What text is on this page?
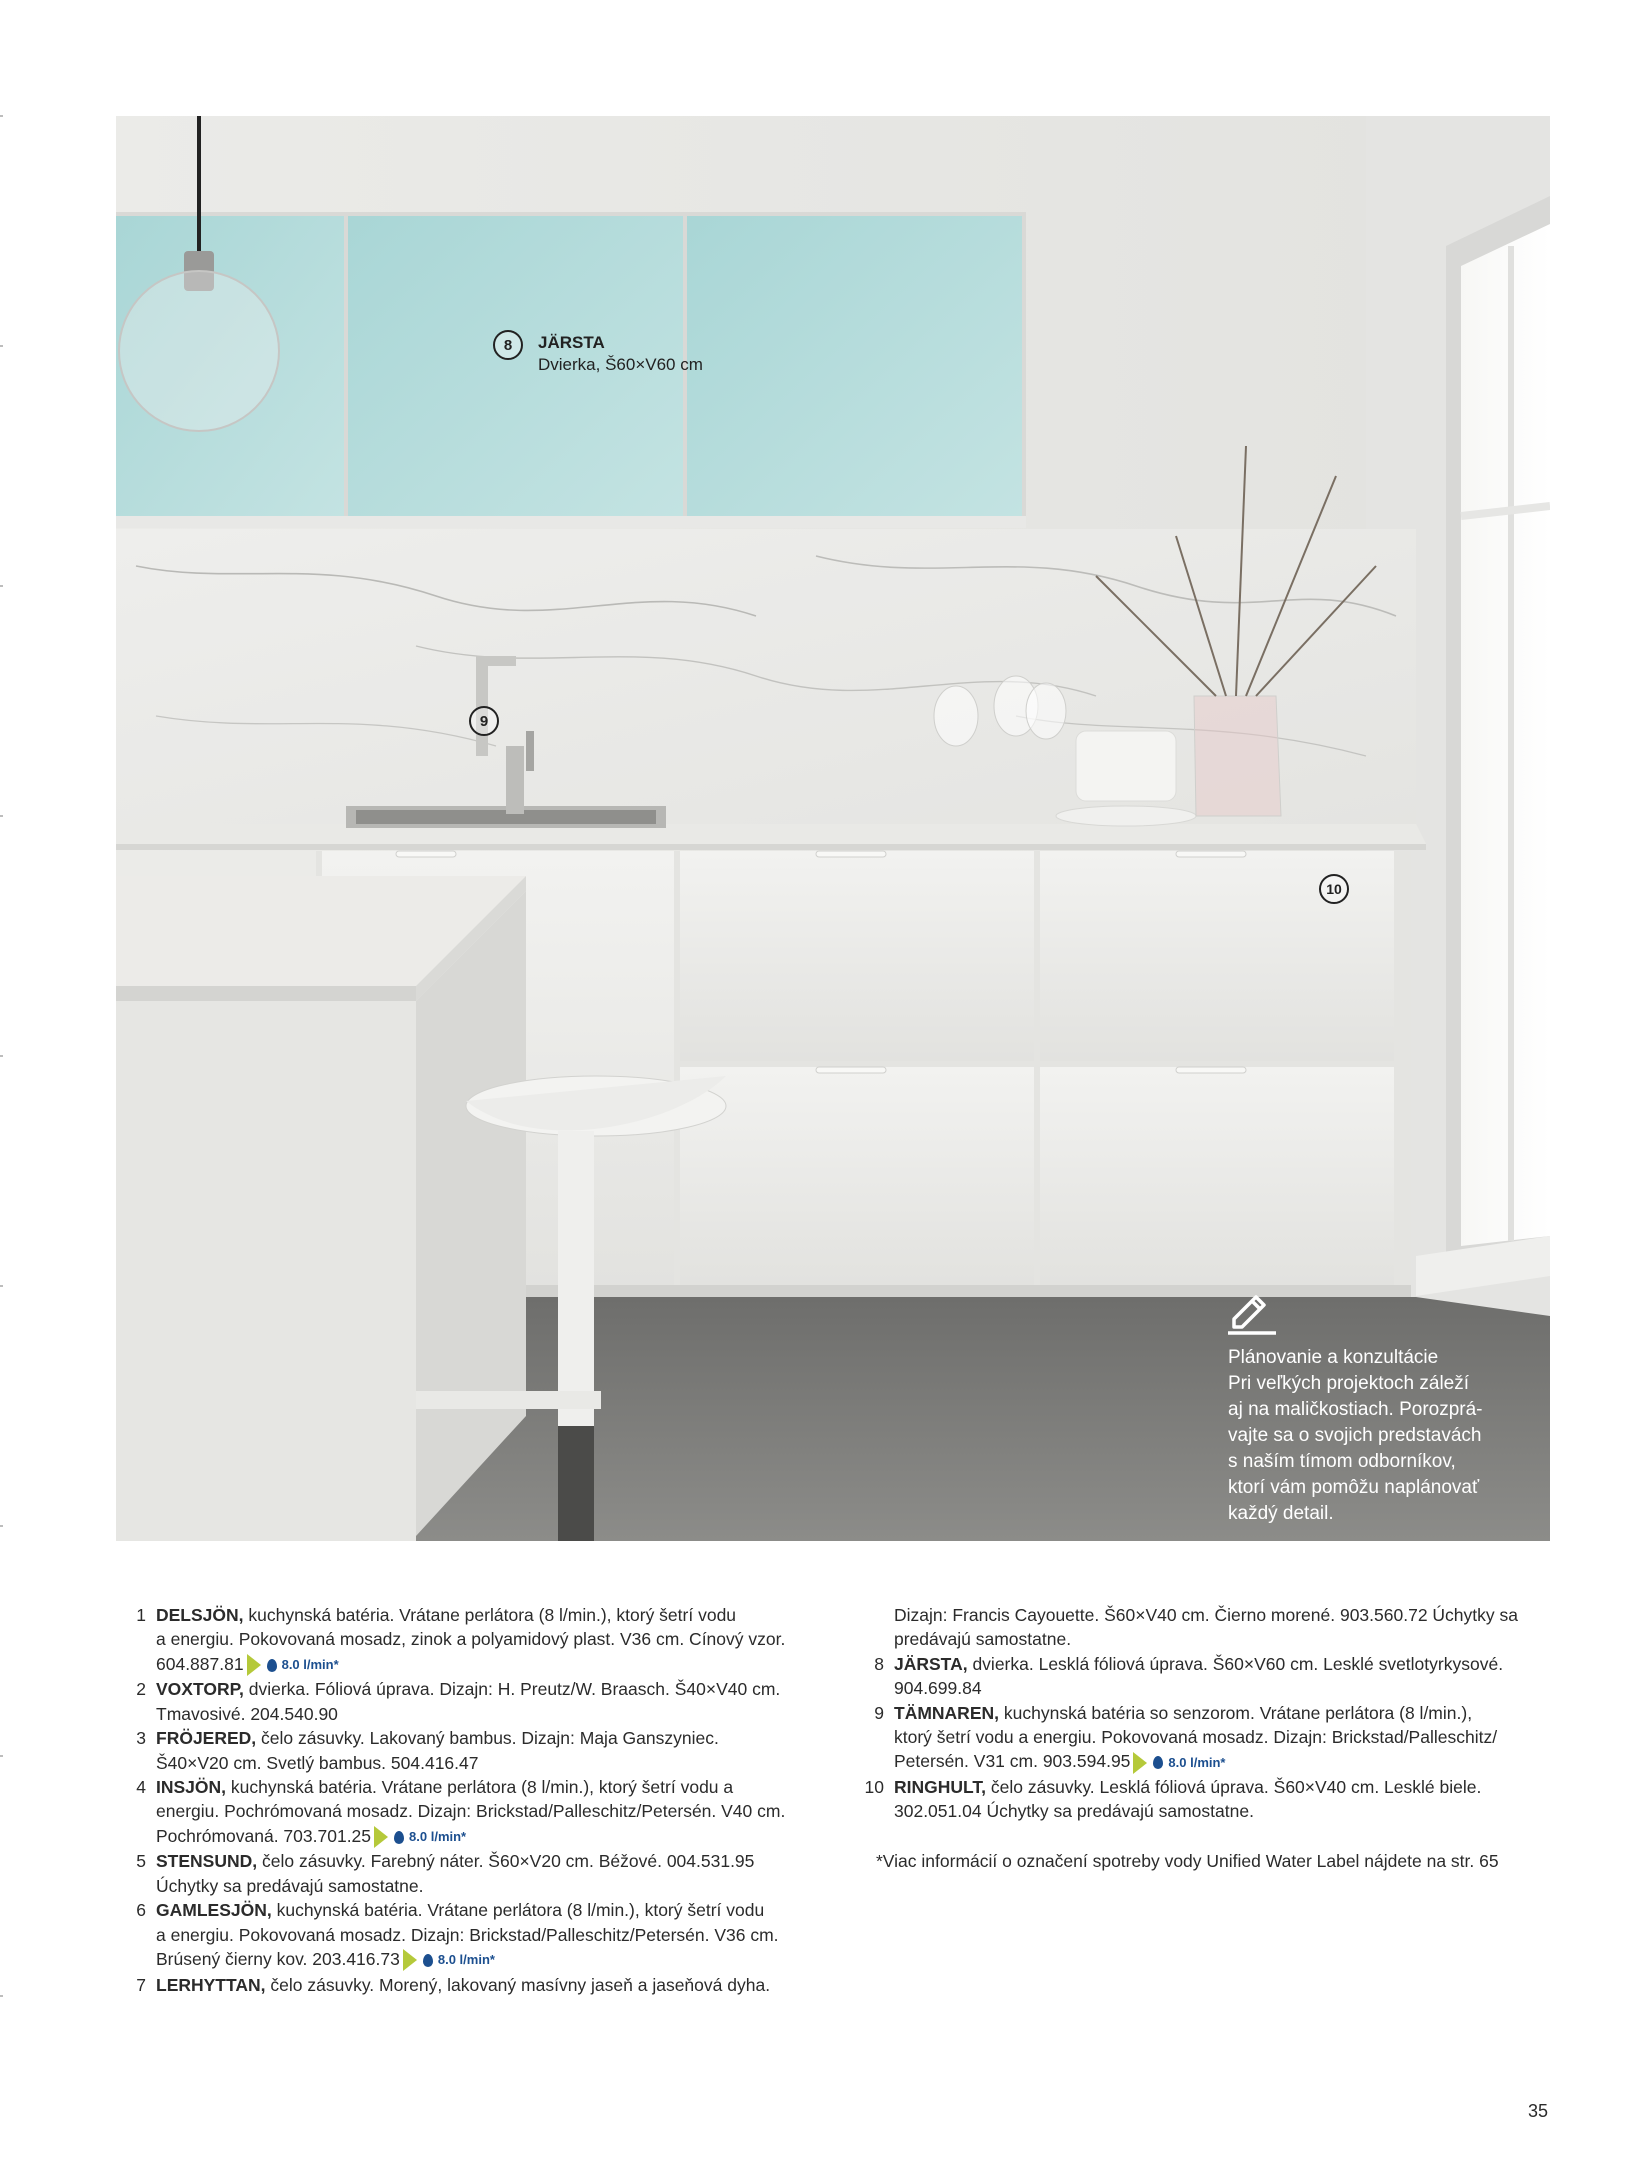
8	JÄRSTA
Dvierka, Š60×V60 cm
9
10
Plánovanie a konzultácie
Pri veľkých projektoch záleží
aj na maličkostiach. Porozprá-
vajte sa o svojich predstavách
s naším tímom odborníkov,
ktorí vám pomôžu naplánovať
každý detail.
1 DELSJÖN, kuchynská batéria. Vrátane perlátora (8 l/min.), ktorý šetrí vodu
a energiu. Pokovovaná mosadz, zinok a polyamidový plast. V36 cm. Cínový vzor.
604.887.81	8.0 l/min*
2 VOXTORP, dvierka. Fóliová úprava. Dizajn: H. Preutz/W. Braasch. Š40×V40 cm.
Tmavosivé. 204.540.90
3 FRÖJERED, čelo zásuvky. Lakovaný bambus. Dizajn: Maja Ganszyniec.
Š40×V20 cm. Svetlý bambus. 504.416.47
4 INSJÖN, kuchynská batéria. Vrátane perlátora (8 l/min.), ktorý šetrí vodu a
energiu. Pochrómovaná mosadz. Dizajn: Brickstad/Palleschitz/Petersén. V40 cm.
Pochrómovaná. 703.701.25	8.0 l/min*
5 STENSUND, čelo zásuvky. Farebný náter. Š60×V20 cm. Béžové. 004.531.95
Úchytky sa predávajú samostatne.
6 GAMLESJÖN, kuchynská batéria. Vrátane perlátora (8 l/min.), ktorý šetrí vodu
a energiu. Pokovovaná mosadz. Dizajn: Brickstad/Palleschitz/Petersén. V36 cm.
Brúsený čierny kov. 203.416.73	8.0 l/min*
7 LERHYTTAN, čelo zásuvky. Morený, lakovaný masívny jaseň a jaseňová dyha.
Dizajn: Francis Cayouette. Š60×V40 cm. Čierno morené. 903.560.72 Úchytky sa
predávajú samostatne.
8 JÄRSTA, dvierka. Lesklá fóliová úprava. Š60×V60 cm. Lesklé svetlotyrkysové.
904.699.84
9 TÄMNAREN, kuchynská batéria so senzorom. Vrátane perlátora (8 l/min.),
ktorý šetrí vodu a energiu. Pokovovaná mosadz. Dizajn: Brickstad/Palleschitz/
Petersén. V31 cm. 903.594.95	8.0 l/min*
10 RINGHULT, čelo zásuvky. Lesklá fóliová úprava. Š60×V40 cm. Lesklé biele.
302.051.04 Úchytky sa predávajú samostatne.
*Viac informácií o označení spotreby vody Unified Water Label nájdete na str. 65
35
